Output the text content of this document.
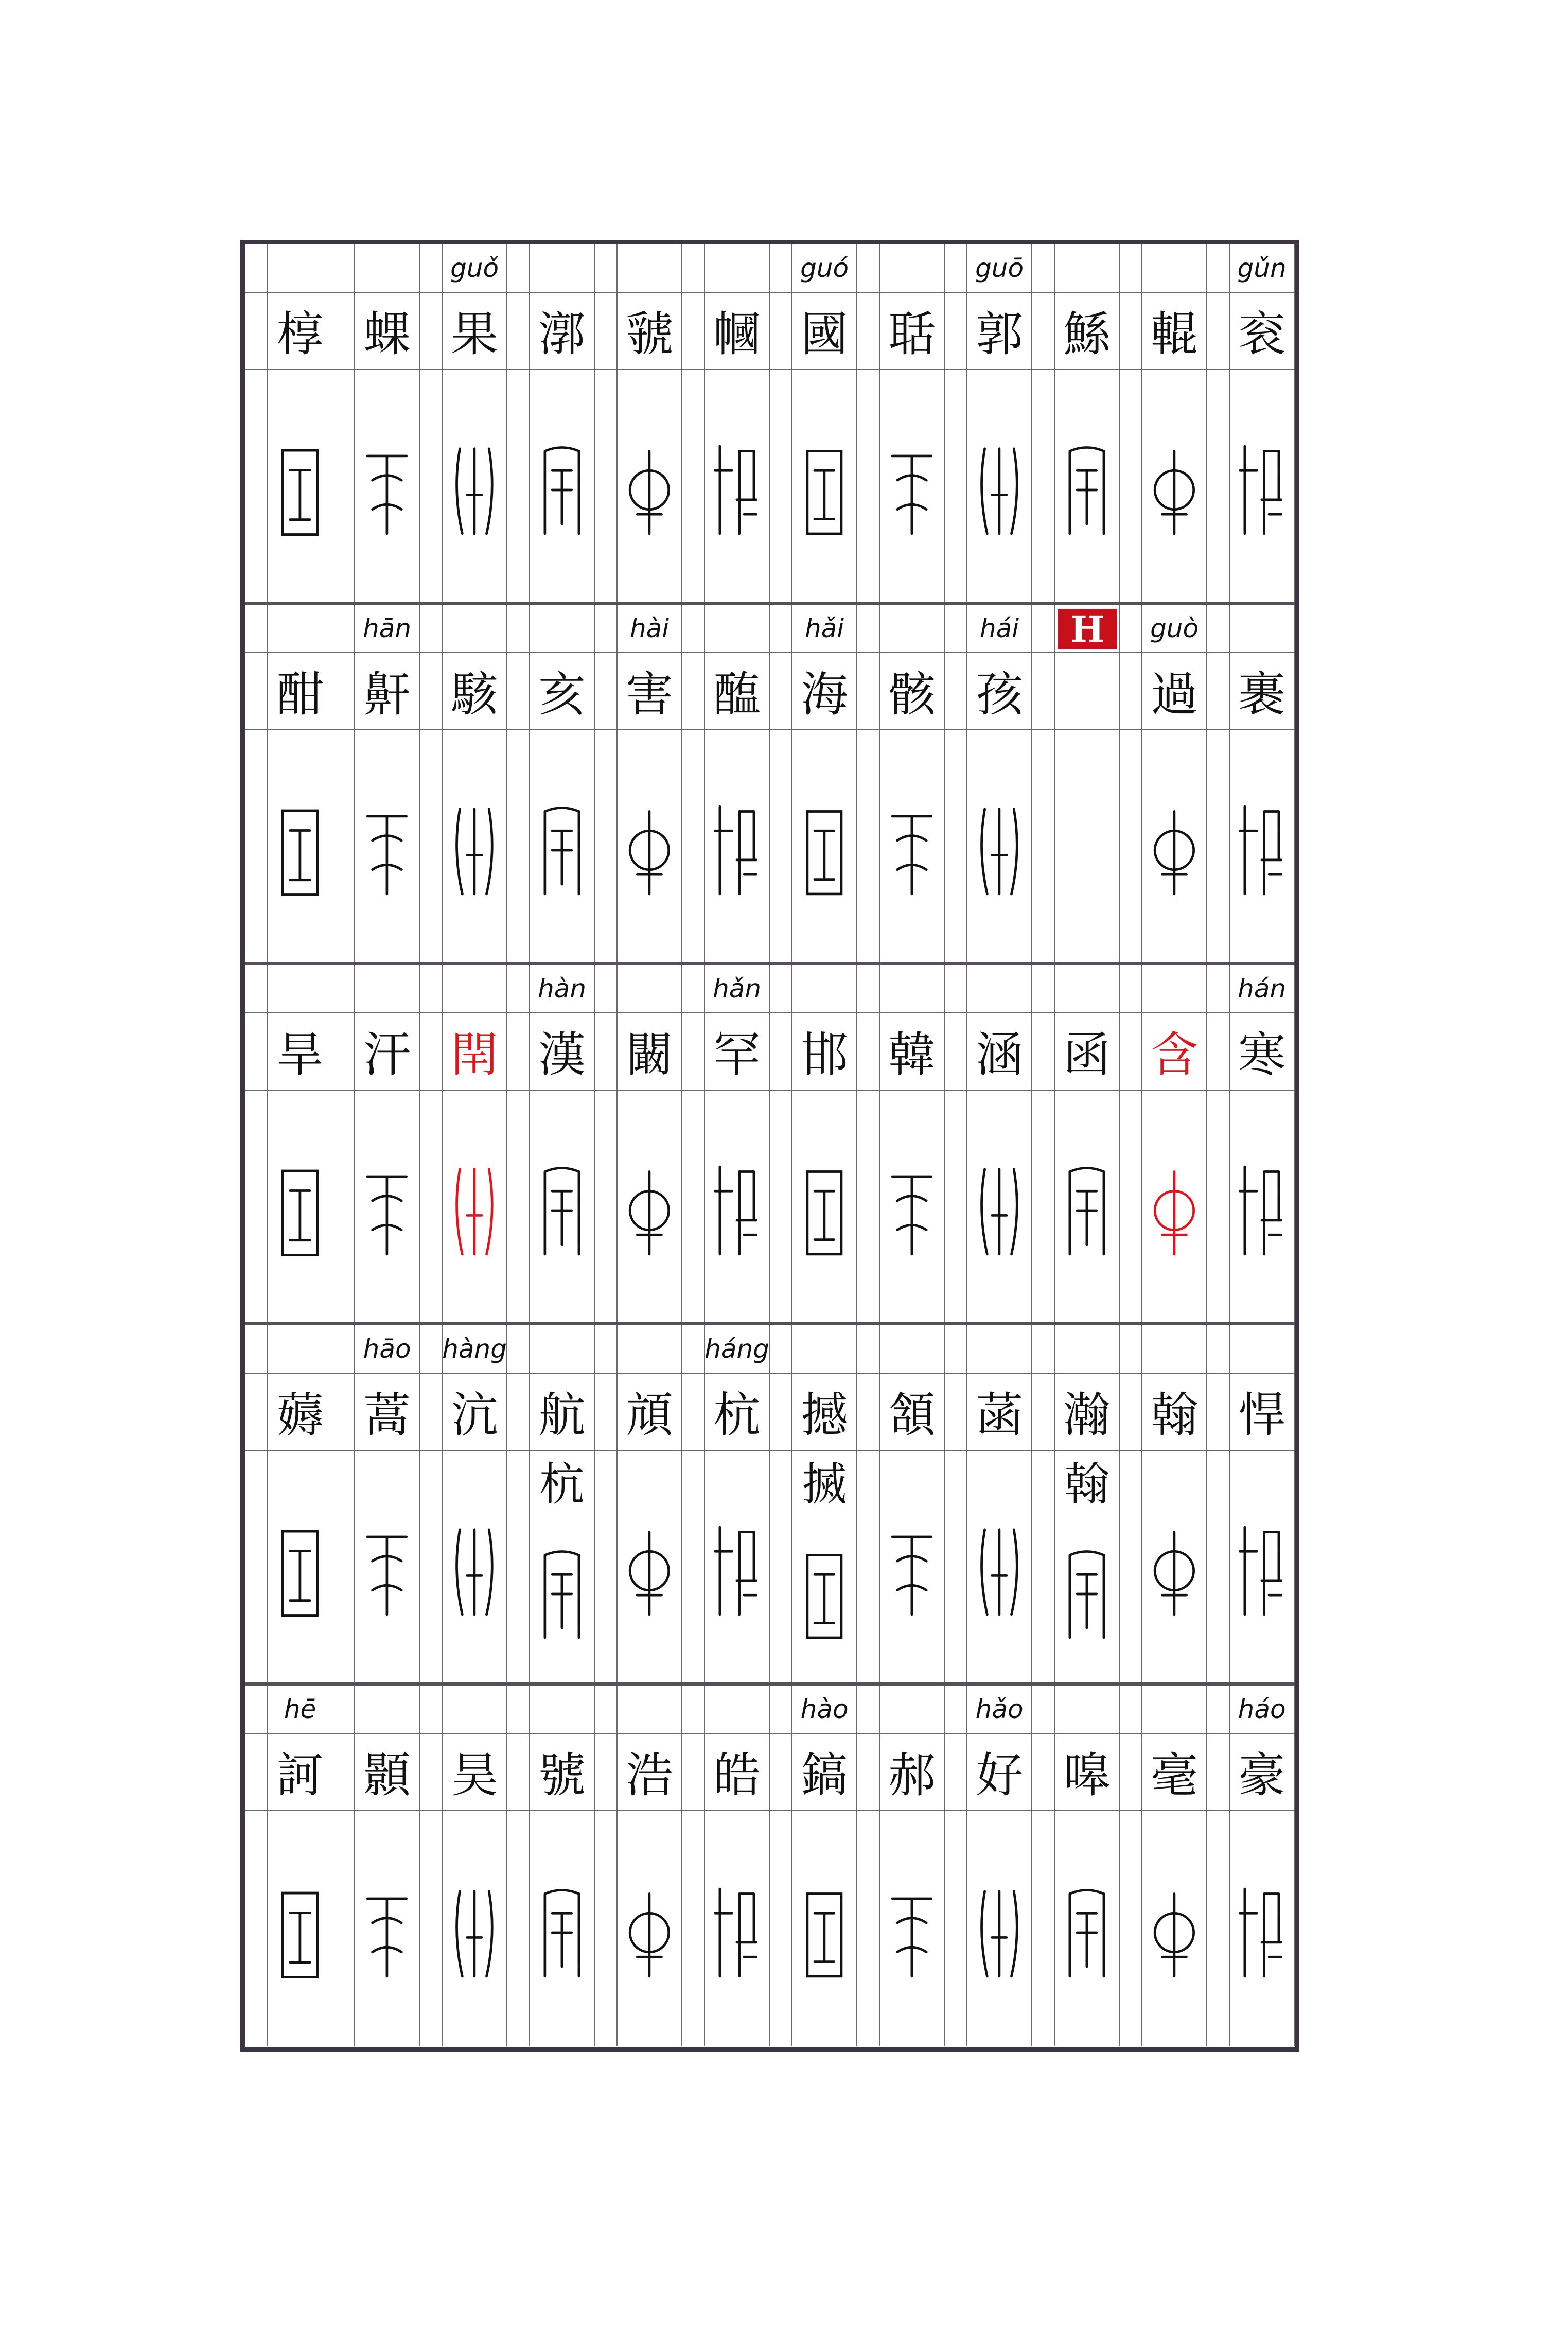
gǔn
衮
輥
鯀
guō
郭
聒
guó
國
幗
虢
漷
guǒ
果
蜾
椁
裹
guò
過
H
hái
孩
骸
hǎi
海
醢
hài
害
亥
駭
hān
鼾
酣
hán
寒
含
函
涵
韓
邯
hǎn
罕
闞
hàn
漢
閈
汗
旱
悍
翰
瀚
翰
菡
頷
撼
搣
háng
杭
頏
航
杭
hàng
沆
hāo
蒿
薅
háo
豪
毫
嗥
hǎo
好
郝
hào
鎬
皓
浩
號
昊
顥
hē
訶
